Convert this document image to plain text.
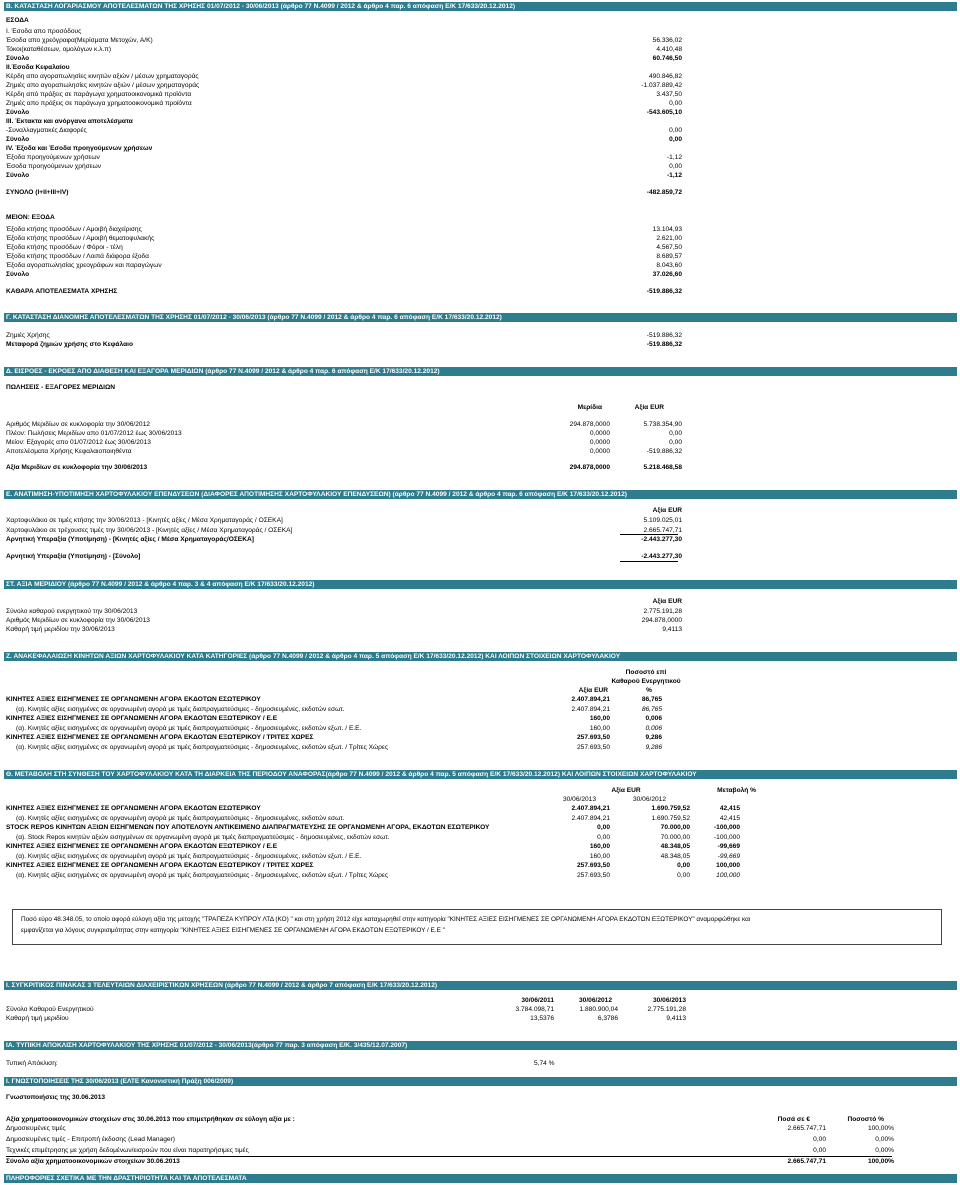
B. ΚΑΤΑΣΤΑΣΗ ΛΟΓΑΡΙΑΣΜΟΥ ΑΠΟΤΕΛΕΣΜΑΤΩΝ ΤΗΣ ΧΡΗΣΗΣ 01/07/2012 - 30/06/2013 (άρθρο 77 Ν.4099 / 2012 & άρθρο 4 παρ. 6 απόφαση Ε/Κ 17/633/20.12.2012)
ΕΣΟΔΑ
Ι. Έσοδα απο προσόδους
Έσοδα απο χρεόγραφα(Μερίσματα Μετοχών, Α/Κ)	56.336,02
Τόκοι(καταθέσεων, ομολόγων κ.λ.π)	4.410,48
Σύνολο	60.746,50
ΙΙ.Έσοδα Κεφαλαίου
Κέρδη απο αγοραπωλησίες κινητών αξιών / μέσων χρηματαγοράς	490.846,82
Ζημιές απο αγοραπωλησίες κινητών αξιών / μέσων χρηματαγοράς	-1.037.889,42
Κέρδη από πράξεις σε παράγωγα χρηματοοικονομικά προϊόντα	3.437,50
Ζημιές απο πράξεις σε παράγωγα χρηματοοικονομικά προϊόντα	0,00
Σύνολο	-543.605,10
ΙΙΙ. Έκτακτα και ανόργανα αποτελέσματα
-Συναλλαγματικές Διαφορές	0,00
Σύνολο	0,00
ΙV. Έξοδα και Έσοδα προηγούμενων χρήσεων
Έξοδα προηγούμενων χρήσεων	-1,12
Έσοδα προηγούμενων χρήσεων	0,00
Σύνολο	-1,12
ΣΥΝΟΛΟ (Ι+ΙΙ+ΙΙΙ+ΙV)	-482.859,72
ΜΕΙΟΝ: ΕΞΟΔΑ
Έξοδα κτήσης προσόδων / Αμοιβή διαχείρισης	13.104,93
Έξοδα κτήσης προσόδων / Αμοιβή θεματοφυλακής	2.621,00
Έξοδα κτήσης προσόδων / Φόροι - τέλη	4.567,50
Έξοδα κτήσης προσόδων / Λοιπά διάφορα έξοδα	8.689,57
Έξοδα αγοραπωλησίας χρεογράφων και παραγώγων	8.043,60
Σύνολο	37.026,60
ΚΑΘΑΡΑ ΑΠΟΤΕΛΕΣΜΑΤΑ ΧΡΗΣΗΣ	-519.886,32
Γ. ΚΑΤΑΣΤΑΣΗ ΔΙΑΝΟΜΗΣ ΑΠΟΤΕΛΕΣΜΑΤΩΝ ΤΗΣ ΧΡΗΣΗΣ 01/07/2012 - 30/06/2013 (άρθρο 77 Ν.4099 / 2012 & άρθρο 4 παρ. 6 απόφαση Ε/Κ 17/633/20.12.2012)
Ζημιές Χρήσης	-519.886,32
Μεταφορά ζημιών χρήσης στο Κεφάλαιο	-519.886,32
Δ. ΕΙΣΡΟΕΣ - ΕΚΡΟΕΣ ΑΠΟ ΔΙΑΘΕΣΗ ΚΑΙ ΕΞΑΓΟΡΑ ΜΕΡΙΔΙΩΝ (άρθρο 77 Ν.4099 / 2012 & άρθρο 4 παρ. 6 απόφαση Ε/Κ 17/633/20.12.2012)
ΠΩΛΗΣΕΙΣ - ΕΞΑΓΟΡΕΣ ΜΕΡΙΔΙΩΝ
Μερίδια	Αξία EUR
Αριθμός Μεριδίων σε κυκλοφορία την 30/06/2012	294.878,0000	5.738.354,90
Πλέον: Πωλήσεις Μεριδίων απο 01/07/2012 έως 30/06/2013	0,0000	0,00
Μείον: Εξαγορές απο 01/07/2012 έως 30/06/2013	0,0000	0,00
Αποτελέσματα Χρήσης Κεφαλαιοποιηθέντα	0,0000	-519.886,32
Αξία Μεριδίων σε κυκλοφορία την 30/06/2013	294.878,0000	5.218.468,58
Ε. ΑΝΑΤΙΜΗΣΗ-ΥΠΟΤΙΜΗΣΗ ΧΑΡΤΟΦΥΛΑΚΙΟΥ ΕΠΕΝΔΥΣΕΩΝ (ΔΙΑΦΟΡΕΣ ΑΠΟΤΙΜΗΣΗΣ ΧΑΡΤΟΦΥΛΑΚΙΟΥ ΕΠΕΝΔΥΣΕΩΝ) (άρθρο 77 Ν.4099 / 2012 & άρθρο 4 παρ. 6 απόφαση Ε/Κ 17/633/20.12.2012)
Αξία EUR
Χαρτοφυλάκιο σε τιμές κτήσης την 30/06/2013 - [Κινητές αξίες / Μέσα Χρηματαγοράς / ΟΣΕΚΑ]	5.109.025,01
Χαρτοφυλάκιο σε τρέχουσες τιμές την 30/06/2013 - [Κινητές αξίες / Μέσα Χρηματαγοράς / ΟΣΕΚΑ]	2.665.747,71
Αρνητική Υπεραξία (Υποτίμηση) - [Κινητές αξίες / Μέσα Χρηματαγοράς/ΟΣΕΚΑ]	-2.443.277,30
Αρνητική Υπεραξία (Υποτίμηση) - [Σύνολο]	-2.443.277,30
ΣΤ. ΑΞΙΑ ΜΕΡΙΔΙΟΥ (άρθρο 77 Ν.4099 / 2012 & άρθρο 4 παρ. 3 & 4 απόφαση Ε/Κ 17/633/20.12.2012)
Αξία EUR
Σύνολο καθαρού ενεργητικού την 30/06/2013	2.775.191,28
Αριθμός Μεριδίων σε κυκλοφορία την 30/06/2013	294.878,0000
Καθαρή τιμή μεριδίου την 30/06/2013	9,4113
Ζ. ΑΝΑΚΕΦΑΛΑΙΩΣΗ ΚΙΝΗΤΩΝ ΑΞΙΩΝ ΧΑΡΤΟΦΥΛΑΚΙΟΥ ΚΑΤΑ ΚΑΤΗΓΟΡΙΕΣ (άρθρο 77 Ν.4099 / 2012 & άρθρο 4 παρ. 5 απόφαση Ε/Κ 17/633/20.12.2012) ΚΑΙ ΛΟΙΠΩΝ ΣΤΟΙΧΕΙΩΝ ΧΑΡΤΟΦΥΛΑΚΙΟΥ
Ποσοστό επί
Καθαρού Ενεργητικού
Αξία EUR	%
ΚΙΝΗΤΕΣ ΑΞΙΕΣ ΕΙΣΗΓΜΕΝΕΣ ΣΕ ΟΡΓΑΝΩΜΕΝΗ ΑΓΟΡΑ ΕΚΔΟΤΩΝ ΕΣΩΤΕΡΙΚΟΥ	2.407.894,21	86,765
(α). Κινητές αξίες εισηγμένες σε οργανωμένη αγορά με τιμές διαπραγματεύσιμες - δημοσιευμένες, εκδοτών εσωτ.	2.407.894,21	86,765
ΚΙΝΗΤΕΣ ΑΞΙΕΣ ΕΙΣΗΓΜΕΝΕΣ ΣΕ ΟΡΓΑΝΩΜΕΝΗ ΑΓΟΡΑ ΕΚΔΟΤΩΝ ΕΞΩΤΕΡΙΚΟΥ / Ε.Ε	160,00	0,006
(α). Κινητές αξίες εισηγμένες σε οργανωμένη αγορά με τιμές διαπραγματεύσιμες - δημοσιευμένες, εκδοτών εξωτ. / Ε.Ε.	160,00	0,006
ΚΙΝΗΤΕΣ ΑΞΙΕΣ ΕΙΣΗΓΜΕΝΕΣ ΣΕ ΟΡΓΑΝΩΜΕΝΗ ΑΓΟΡΑ ΕΚΔΟΤΩΝ ΕΞΩΤΕΡΙΚΟΥ / ΤΡΙΤΕΣ ΧΩΡΕΣ	257.693,50	9,286
(α). Κινητές αξίες εισηγμένες σε οργανωμένη αγορά με τιμές διαπραγματεύσιμες - δημοσιευμένες, εκδοτών εξωτ. / Τρίτες Χώρες	257.693,50	9,286
Θ. ΜΕΤΑΒΟΛΗ ΣΤΗ ΣΥΝΘΕΣΗ ΤΟΥ ΧΑΡΤΟΦΥΛΑΚΙΟΥ ΚΑΤΑ ΤΗ ΔΙΑΡΚΕΙΑ ΤΗΣ ΠΕΡΙΟΔΟΥ ΑΝΑΦΟΡΑΣ(άρθρο 77 Ν.4099 / 2012 & άρθρο 4 παρ. 5 απόφαση Ε/Κ 17/633/20.12.2012) ΚΑΙ ΛΟΙΠΩΝ ΣΤΟΙΧΕΙΩΝ ΧΑΡΤΟΦΥΛΑΚΙΟΥ
Αξία EUR	Μεταβολή %
30/06/2013	30/06/2012
ΚΙΝΗΤΕΣ ΑΞΙΕΣ ΕΙΣΗΓΜΕΝΕΣ ΣΕ ΟΡΓΑΝΩΜΕΝΗ ΑΓΟΡΑ ΕΚΔΟΤΩΝ ΕΣΩΤΕΡΙΚΟΥ	2.407.894,21	1.690.759,52	42,415
(α). Κινητές αξίες εισηγμένες σε οργανωμένη αγορά με τιμές διαπραγματεύσιμες - δημοσιευμένες, εκδοτών εσωτ.	2.407.894,21	1.690.759,52	42,415
STOCK REPOS ΚΙΝΗΤΩΝ ΑΞΙΩΝ ΕΙΣΗΓΜΕΝΩΝ ΠΟΥ ΑΠΟΤΕΛΟΥΝ ΑΝΤΙΚΕΙΜΕΝΟ ΔΙΑΠΡΑΓΜΑΤΕΥΣΗΣ ΣΕ ΟΡΓΑΝΩΜΕΝΗ ΑΓΟΡΑ, ΕΚΔΟΤΩΝ ΕΣΩΤΕΡΙΚΟΥ	0,00	70.000,00	-100,000
(α). Stock Repos κινητών αξιών εισηγμένων σε οργανωμένη αγορά με τιμές διαπραγματεύσιμες - δημοσιευμένες, εκδοτών εσωτ.	0,00	70.000,00	-100,000
ΚΙΝΗΤΕΣ ΑΞΙΕΣ ΕΙΣΗΓΜΕΝΕΣ ΣΕ ΟΡΓΑΝΩΜΕΝΗ ΑΓΟΡΑ ΕΚΔΟΤΩΝ ΕΞΩΤΕΡΙΚΟΥ / Ε.Ε	160,00	48.348,05	-99,669
(α). Κινητές αξίες εισηγμένες σε οργανωμένη αγορά με τιμές διαπραγματεύσιμες - δημοσιευμένες, εκδοτών εξωτ. / Ε.Ε.	160,00	48.348,05	-99,669
ΚΙΝΗΤΕΣ ΑΞΙΕΣ ΕΙΣΗΓΜΕΝΕΣ ΣΕ ΟΡΓΑΝΩΜΕΝΗ ΑΓΟΡΑ ΕΚΔΟΤΩΝ ΕΞΩΤΕΡΙΚΟΥ / ΤΡΙΤΕΣ ΧΩΡΕΣ	257.693,50	0,00	100,000
(α). Κινητές αξίες εισηγμένες σε οργανωμένη αγορά με τιμές διαπραγματεύσιμες - δημοσιευμένες, εκδοτών εξωτ. / Τρίτες Χώρες	257.693,50	0,00	100,000
Ποσό εύρο 48.348.05, το οποίο αφορά εύλογη αξία της μετοχής "ΤΡΑΠΕΖΑ ΚΥΠΡΟΥ ΛΤΔ (ΚΟ) " και στη χρήση 2012 είχε καταχωρηθεί στην κατηγορία "ΚΙΝΗΤΕΣ ΑΞΙΕΣ ΕΙΣΗΓΜΕΝΕΣ ΣΕ ΟΡΓΑΝΩΜΕΝΗ ΑΓΟΡΑ ΕΚΔΟΤΩΝ ΕΞΩΤΕΡΙΚΟΥ" αναμορφώθηκε και
εμφανίζεται για λόγους συγκρισιμότητας στην κατηγορία "ΚΙΝΗΤΕΣ ΑΞΙΕΣ ΕΙΣΗΓΜΕΝΕΣ ΣΕ ΟΡΓΑΝΩΜΕΝΗ ΑΓΟΡΑ ΕΚΔΟΤΩΝ ΕΞΩΤΕΡΙΚΟΥ / Ε.Ε "
Ι. ΣΥΓΚΡΙΤΙΚΟΣ ΠΙΝΑΚΑΣ 3 ΤΕΛΕΥΤΑΙΩΝ ΔΙΑΧΕΙΡΙΣΤΙΚΩΝ ΧΡΗΣΕΩΝ (άρθρο 77 Ν.4099 / 2012 & άρθρο 7 απόφαση Ε/Κ 17/633/20.12.2012)
30/06/2011	30/06/2012	30/06/2013
Σύνολο Καθαρού Ενεργητικού	3.784.098,71	1.880.900,04	2.775.191,28
Καθαρή τιμή μεριδίου	13,5376	6,3786	9,4113
ΙΑ. ΤΥΠΙΚΗ ΑΠΟΚΛΙΣΗ ΧΑΡΤΟΦΥΛΑΚΙΟΥ ΤΗΣ ΧΡΗΣΗΣ 01/07/2012 - 30/06/2013(άρθρο 77 παρ. 3 απόφαση Ε/Κ. 3/435/12.07.2007)
Τυπική Απόκλιση:	5,74 %
Ι. ΓΝΩΣΤΟΠΟΙΗΣΕΙΣ ΤΗΣ 30/06/2013 (ΕΛΤΕ Κανονιστική Πράξη 006/2009)
Γνωστοποιήσεις της 30.06.2013
Αξία χρηματοοικονομικών στοιχείων στις 30.06.2013 που επιμετρήθηκαν σε εύλογη αξία με :	Ποσά σε €	Ποσοστό %
Δημοσιευμένες τιμές	2.665.747,71	100,00%
Δημοσιευμένες τιμές - Επιτροπή έκδοσης (Lead Manager)	0,00	0,00%
Τεχνικές επιμέτρησης με χρήση δεδομένων/εισροών που είναι παρατηρήσιμες τιμές	0,00	0,00%
Σύνολο αξία χρηματοοικονομικών στοιχείων 30.06.2013	2.665.747,71	100,00%
ΠΛΗΡΟΦΟΡΙΕΣ ΣΧΕΤΙΚΑ ΜΕ ΤΗΝ ΔΡΑΣΤΗΡΙΟΤΗΤΑ ΚΑΙ ΤΑ ΑΠΟΤΕΛΕΣΜΑΤΑ
